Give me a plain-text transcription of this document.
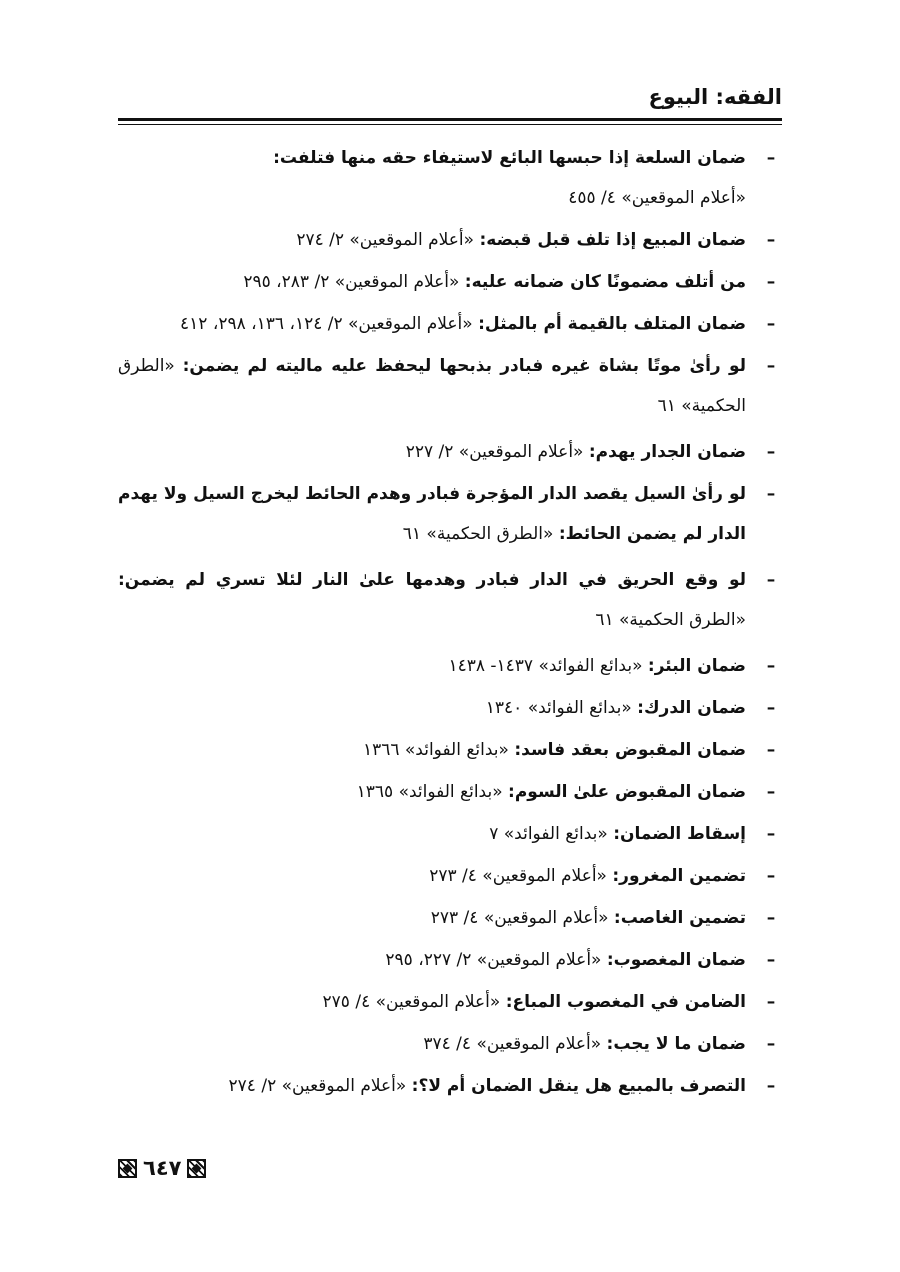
الفقه: البيوع
–
ضمان السلعة إذا حبسها البائع لاستيفاء حقه منها فتلفت: «أعلام الموقعين» ٤/ ٤٥٥
–
ضمان المبيع إذا تلف قبل قبضه: «أعلام الموقعين» ٢/ ٢٧٤
–
من أتلف مضمونًا كان ضمانه عليه: «أعلام الموقعين» ٢/ ٢٨٣، ٢٩٥
–
ضمان المتلف بالقيمة أم بالمثل: «أعلام الموقعين» ٢/ ١٢٤، ١٣٦، ٢٩٨، ٤١٢
–
لو رأىٰ موتًا بشاة غيره فبادر بذبحها ليحفظ عليه ماليته لم يضمن: «الطرق الحكمية» ٦١
–
ضمان الجدار يهدم: «أعلام الموقعين» ٢/ ٢٢٧
–
لو رأىٰ السيل يقصد الدار المؤجرة فبادر وهدم الحائط ليخرج السيل ولا يهدم الدار لم يضمن الحائط: «الطرق الحكمية» ٦١
–
لو وقع الحريق في الدار فبادر وهدمها علىٰ النار لئلا تسري لم يضمن: «الطرق الحكمية» ٦١
–
ضمان البئر: «بدائع الفوائد» ١٤٣٧- ١٤٣٨
–
ضمان الدرك: «بدائع الفوائد» ١٣٤٠
–
ضمان المقبوض بعقد فاسد: «بدائع الفوائد» ١٣٦٦
–
ضمان المقبوض علىٰ السوم: «بدائع الفوائد» ١٣٦٥
–
إسقاط الضمان: «بدائع الفوائد» ٧
–
تضمين المغرور: «أعلام الموقعين» ٤/ ٢٧٣
–
تضمين الغاصب: «أعلام الموقعين» ٤/ ٢٧٣
–
ضمان المغصوب: «أعلام الموقعين» ٢/ ٢٢٧، ٢٩٥
–
الضامن في المغصوب المباع: «أعلام الموقعين» ٤/ ٢٧٥
–
ضمان ما لا يجب: «أعلام الموقعين» ٤/ ٣٧٤
–
التصرف بالمبيع هل ينقل الضمان أم لا؟: «أعلام الموقعين» ٢/ ٢٧٤
٦٤٧
